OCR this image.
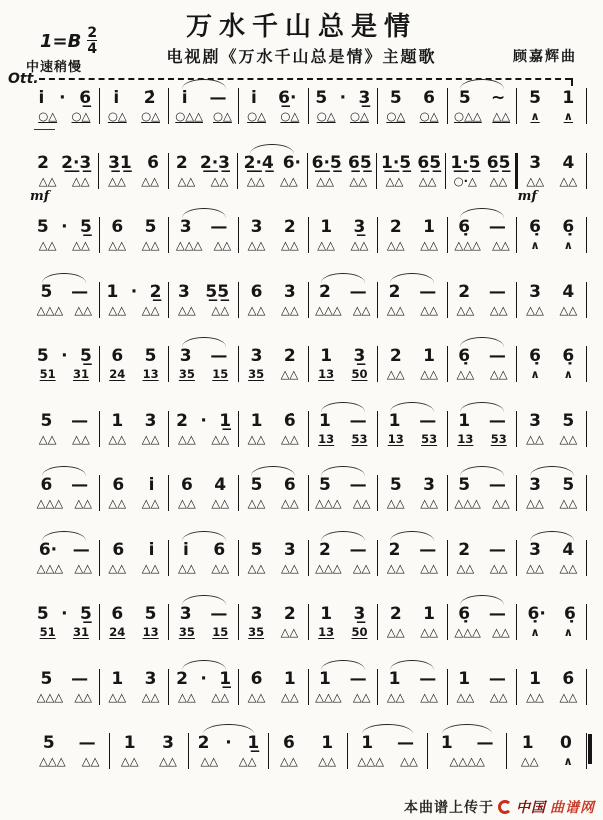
万水千山总是情
$1=B \frac{2}{4}$
电视剧《万水千山总是情》主题歌	顾嘉辉曲
中速稍慢
Ott.
i · 6̲
○△ ○△
i 2̇
○△ ○△
i —
○△△ ○△
i 6̲·
○△ ○△
5 · 3̲
○△ ○△
5 6
○△ ○△
5 ~
○△△ △△
5 1
∧ ∧
2 2̲·̲3̲
△△ △△
mf
3̲1̲ 6̇
△△ △△
2 2̲·̲3̲
△△ △△
2̲·̲4̲ 6·
△△ △△
6̲·̲5̲ 6̲5̲
△△ △△
1̲·̲5̲ 6̲5̲
△△ △△
1̲·̲5̲ 6̲5̲
○·△ △△
3 4
△△ △△
mf
5 · 5̲
△△ △△
6 5
△△ △△
3 —
△△△ △△
3 2
△△ △△
1 3̲
△△ △△
2 1
△△ △△
6̣ —
△△△ △△
6̣ 6̣
∧ ∧
5 —
△△△ △△
1 · 2̲
△△ △△
3 5̲5̲
△△ △△
6 3
△△ △△
2 —
△△△ △△
2 —
△△ △△
2 —
△△ △△
3 4
△△ △△
5 · 5̲
51 31
6 5
24 13
3 —
35 15
3 2
35 △△
1 3̲
13 50
2 1
△△ △△
6̣ —
△△ △△
6̣ 6̣
∧ ∧
5 —
△△ △△
1 3
△△ △△
2 · 1̲
△△ △△
1 6̇
△△ △△
1 —
13 53
1 —
13 53
1 —
13 53
3 5
△△ △△
6 —
△△△ △△
6 i
△△ △△
6 4
△△ △△
5 6
△△ △△
5 —
△△△ △△
5 3
△△ △△
5 —
△△△ △△
3 5
△△ △△
6· —
△△△ △△
6 i
△△ △△
i 6
△△ △△
5 3
△△ △△
2 —
△△△ △△
2 —
△△ △△
2 —
△△ △△
3 4
△△ △△
5 · 5̲
51 31
6 5
24 13
3 —
35 15
3 2
35 △△
1 3̲
13 50
2 1
△△ △△
6̣ —
△△△ △△
6̣· 6̣
∧ ∧
5 —
△△△ △△
1 3
△△ △△
2 · 1̲
△△ △△
6̇ 1
△△ △△
1 —
△△△ △△
1 —
△△ △△
1 —
△△ △△
1 6̇
△△ △△
5 —
△△△ △△
1 3
△△ △△
2 · 1̲
△△ △△
6̇ 1
△△ △△
1 —
△△△ △△
1 —
△△△△
1 0
△△ ∧
本曲谱上传于 中国 曲谱网
